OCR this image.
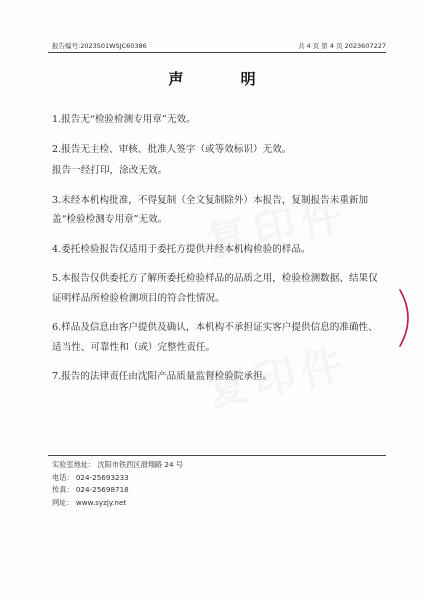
报告编号:2023S01WSJC60386	共 4 页 第 4 页 2023607227
声 明

1.报告无“检验检测专用章”无效。

2.报告无主检、审核、批准人签字（或等效标识）无效。

报告一经打印，涂改无效。

3.未经本机构批准，不得复制（全文复制除外）本报告，复制报告未重新加盖“检验检测专用章”无效。

4.委托检验报告仅适用于委托方提供并经本机构检验的样品。

5.本报告仅供委托方了解所委托检验样品的品质之用，检验检测数据、结果仅证明样品所检验检测项目的符合性情况。

6.样品及信息由客户提供及确认，本机构不承担证实客户提供信息的准确性、适当性、可靠性和（或）完整性责任。

7.报告的法律责任由沈阳产品质量监督检验院承担。

实验室地址： 沈阳市铁西区滑翔路 24 号
电话： 024-25693233
传真： 024-25698718
网址： www.syzjy.net
